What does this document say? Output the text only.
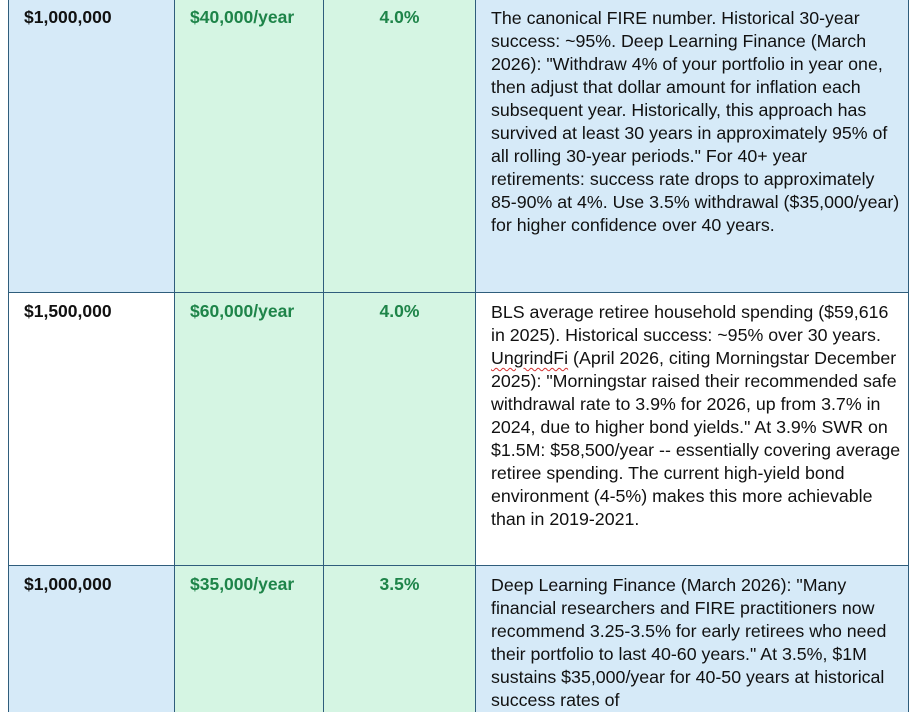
$1,000,000	$40,000/year	4.0%	The canonical FIRE number. Historical 30-year success: ~95%. Deep Learning Finance (March 2026): "Withdraw 4% of your portfolio in year one, then adjust that dollar amount for inflation each subsequent year. Historically, this approach has survived at least 30 years in approximately 95% of all rolling 30-year periods." For 40+ year retirements: success rate drops to approximately 85-90% at 4%. Use 3.5% withdrawal ($35,000/year) for higher confidence over 40 years.

$1,500,000	$60,000/year	4.0%	BLS average retiree household spending ($59,616 in 2025). Historical success: ~95% over 30 years. UngrindFi (April 2026, citing Morningstar December 2025): "Morningstar raised their recommended safe withdrawal rate to 3.9% for 2026, up from 3.7% in 2024, due to higher bond yields." At 3.9% SWR on $1.5M: $58,500/year -- essentially covering average retiree spending. The current high-yield bond environment (4-5%) makes this more achievable than in 2019-2021.

$1,000,000	$35,000/year	3.5%	Deep Learning Finance (March 2026): "Many financial researchers and FIRE practitioners now recommend 3.25-3.5% for early retirees who need their portfolio to last 40-60 years." At 3.5%, $1M sustains $35,000/year for 40-50 years at historical success rates of
